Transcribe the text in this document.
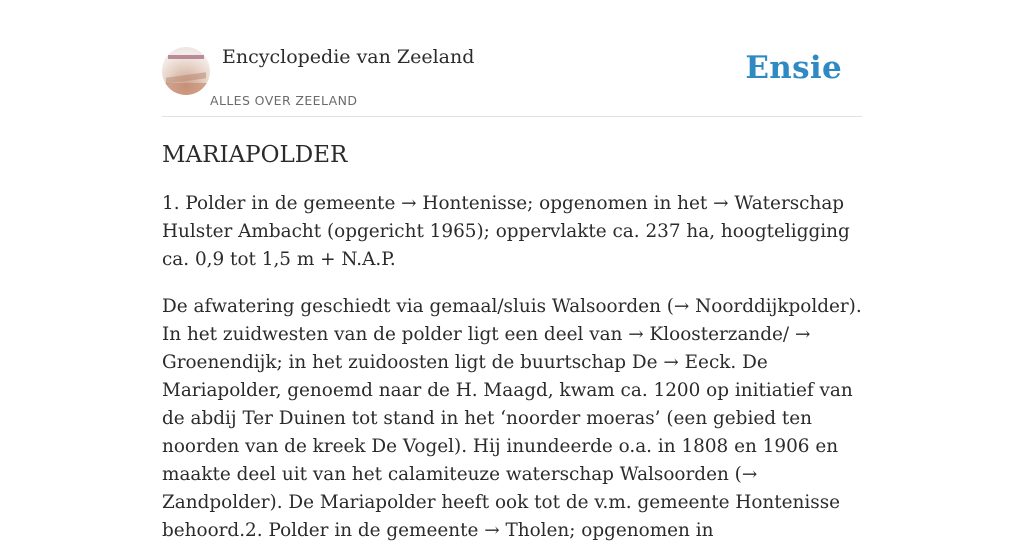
Encyclopedie van Zeeland
ALLES OVER ZEELAND
Ensie
MARIAPOLDER

1. Polder in de gemeente → Hontenisse; opgenomen in het → Waterschap Hulster Ambacht (opgericht 1965); oppervlakte ca. 237 ha, hoogteligging ca. 0,9 tot 1,5 m + N.A.P.

De afwatering geschiedt via gemaal/sluis Walsoorden (→ Noorddijkpolder). In het zuidwesten van de polder ligt een deel van → Kloosterzande/ → Groenendijk; in het zuidoosten ligt de buurtschap De → Eeck. De Mariapolder, genoemd naar de H. Maagd, kwam ca. 1200 op initiatief van de abdij Ter Duinen tot stand in het ‘noorder moeras’ (een gebied ten noorden van de kreek De Vogel). Hij inundeerde o.a. in 1808 en 1906 en maakte deel uit van het calamiteuze waterschap Walsoorden (→ Zandpolder). De Mariapolder heeft ook tot de v.m. gemeente Hontenisse behoord.2. Polder in de gemeente → Tholen; opgenomen in
